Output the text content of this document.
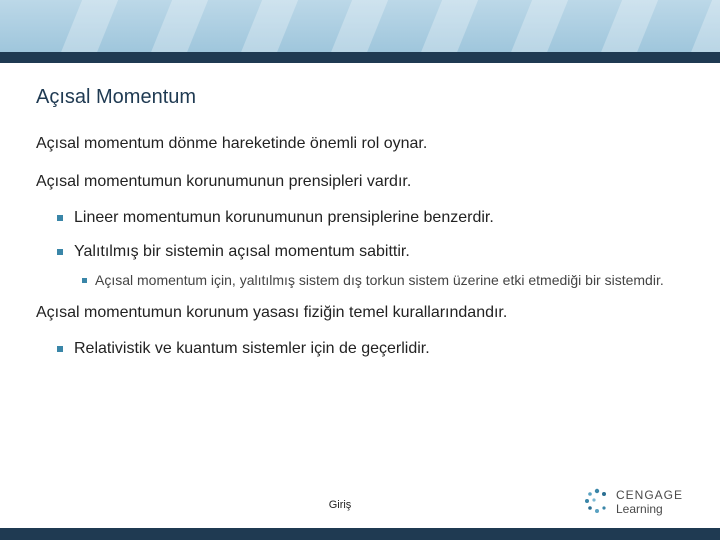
Açısal Momentum
Açısal momentum dönme hareketinde önemli rol oynar.
Açısal momentumun korunumunun prensipleri vardır.
Lineer momentumun korunumunun prensiplerine benzerdir.
Yalıtılmış bir sistemin açısal momentum sabittir.
Açısal momentum için, yalıtılmış sistem dış torkun sistem üzerine etki etmediği bir sistemdir.
Açısal momentumun korunum yasası fiziğin temel kurallarındandır.
Relativistik ve kuantum sistemler için de geçerlidir.
Giriş
CENGAGE
Learning
